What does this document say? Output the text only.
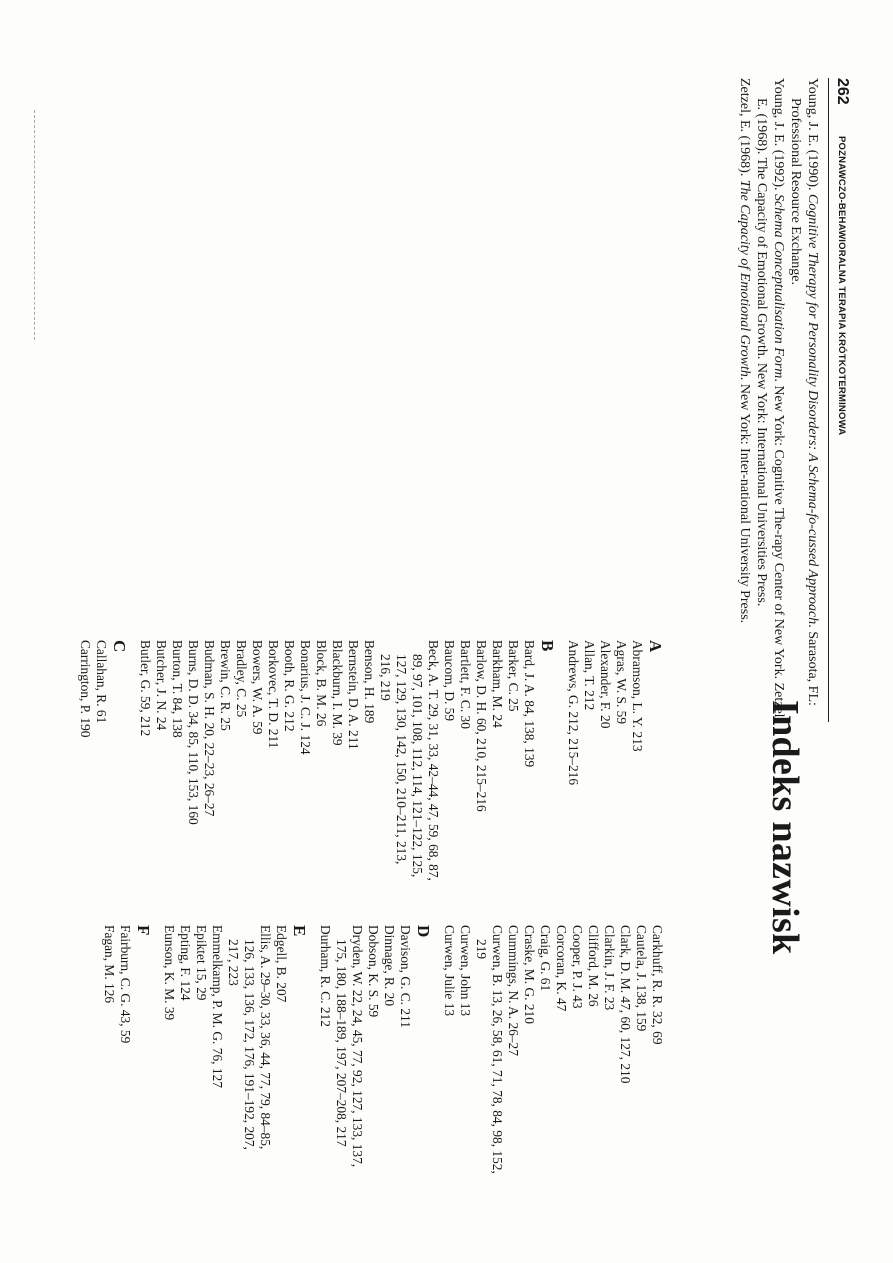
262
POZNAWCZO-BEHAWIORALNA TERAPIA KRÓTKOTERMINOWA

Young, J. E. (1990). Cognitive Therapy for Personality Disorders: A Schema-fo-cussed Approach. Sarasota, FL: Professional Resource Exchange.

Young, J. E. (1992). Schema Conceptualisation Form. New York: Cognitive The-rapy Center of New York. Zetzel, E. (1968). The Capacity of Emotional Growth. New York: International Universities Press.

Zetzel, E. (1968). The Capacity of Emotional Growth. New York: Inter-national University Press.

Indeks nazwisk
A
Abramson, L. Y. 213
Agras, W. S. 59
Alexander, F. 20
Allan, T. 212
Andrews, G. 212, 215–216
B
Bard, J. A. 84, 138, 139
Barker, C. 25
Barkham, M. 24
Barlow, D. H. 60, 210, 215–216
Bartlett, F. C. 30
Baucom, D. 59
Beck, A. T. 29, 31, 33, 42–44, 47, 59, 68, 87, 89, 97, 101, 108, 112, 114, 121–122, 125, 127, 129, 130, 142, 150, 210–211, 213, 216, 219
Benson, H. 189
Bernstein, D. A. 211
Blackburn, I. M. 39
Block, B. M. 26
Bonarius, J. C. J. 124
Booth, R. G. 212
Borkovec, T. D. 211
Bowers, W. A. 59
Bradley, C. 25
Brewin, C. R. 25
Budman, S. H. 20, 22–23, 26–27
Burns, D. D. 34, 85, 110, 153, 160
Burton, T. 84, 138
Butcher, J. N. 24
Butler, G. 59, 212
C
Callahan, R. 61
Carrington, P. 190
Carkhuff, R. R. 32, 69
Cautela, J. 138, 159
Clark, D. M. 47, 60, 127, 210
Clarkin, J. F. 23
Clifford, M. 26
Cooper, P. J. 43
Corcoran, K. 47
Craig, G. 61
Craske, M. G. 210
Cummings, N. A. 26–27
Curwen, B. 13, 26, 58, 61, 71, 78, 84, 98, 152, 219
Curwen, John 13
Curwen, Julie 13
D
Davison, G. C. 211
Dinnage, R. 20
Dobson, K. S. 59
Dryden, W. 22, 24, 45, 77, 92, 127, 133, 137, 175, 180, 188–189, 197, 207–208, 217
Durham, R. C. 212
E
Edgell, B. 207
Ellis, A. 29–30, 33, 36, 44, 77, 79, 84–85, 126, 133, 136, 172, 176, 191–192, 207, 217, 223
Emmelkamp, P. M. G. 76, 127
Epiktet 15, 29
Epting, F. 124
Eunson, K. M. 39
F
Fairburn, C. G. 43, 59
Fagan, M. 126
